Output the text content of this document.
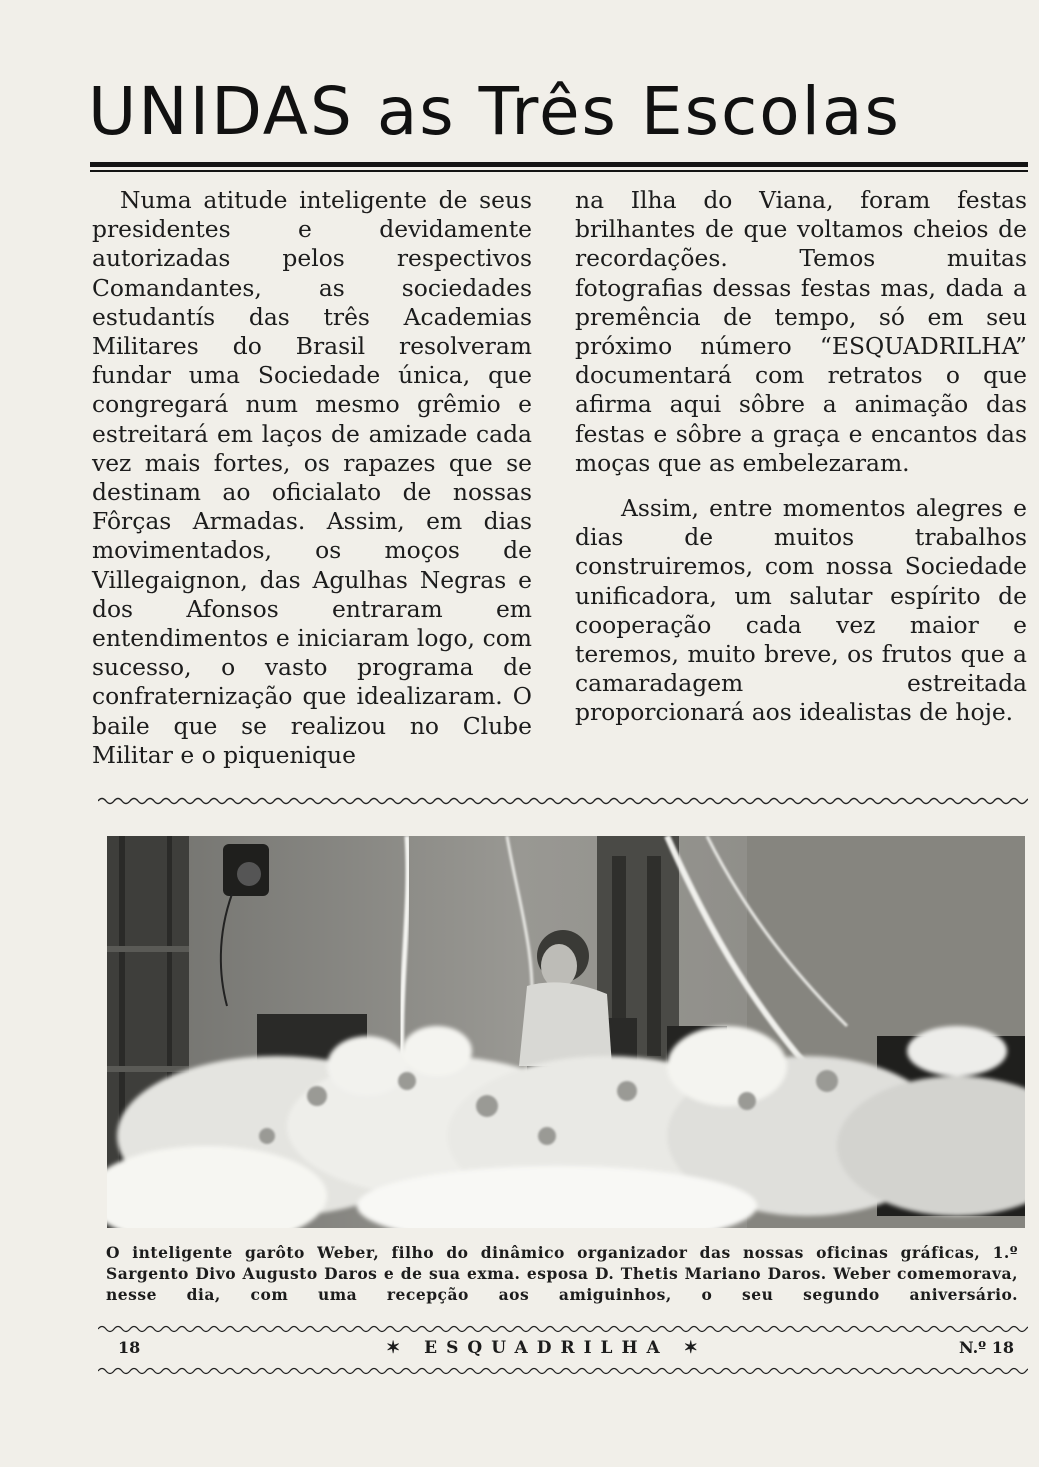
UNIDAS as Três Escolas

Numa atitude inteligente de seus presidentes e devidamente autorizadas pelos respectivos Comandantes, as sociedades estudantís das três Academias Militares do Brasil resolveram fundar uma Sociedade única, que congregará num mesmo grêmio e estreitará em laços de amizade cada vez mais fortes, os rapazes que se destinam ao oficialato de nossas Fôrças Armadas. Assim, em dias movimentados, os moços de Villegaignon, das Agulhas Negras e dos Afonsos entraram em entendimentos e iniciaram logo, com sucesso, o vasto programa de confraternização que idealizaram. O baile que se realizou no Clube Militar e o piquenique

na Ilha do Viana, foram festas brilhantes de que voltamos cheios de recordações. Temos muitas fotografias dessas festas mas, dada a premência de tempo, só em seu próximo número “ESQUADRILHA” documentará com retratos o que afirma aqui sôbre a animação das festas e sôbre a graça e encantos das moças que as embelezaram.

Assim, entre momentos alegres e dias de muitos trabalhos construiremos, com nossa Sociedade unificadora, um salutar espírito de cooperação cada vez maior e teremos, muito breve, os frutos que a camaradagem estreitada proporcionará aos idealistas de hoje.

O inteligente garôto Weber, filho do dinâmico organizador das nossas oficinas gráficas, 1.º Sargento Divo Augusto Daros e de sua exma. esposa D. Thetis Mariano Daros. Weber comemorava, nesse dia, com uma recepção aos amiguinhos, o seu segundo aniversário.
18	✶ ESQUADRILHA ✶	N.º 18
